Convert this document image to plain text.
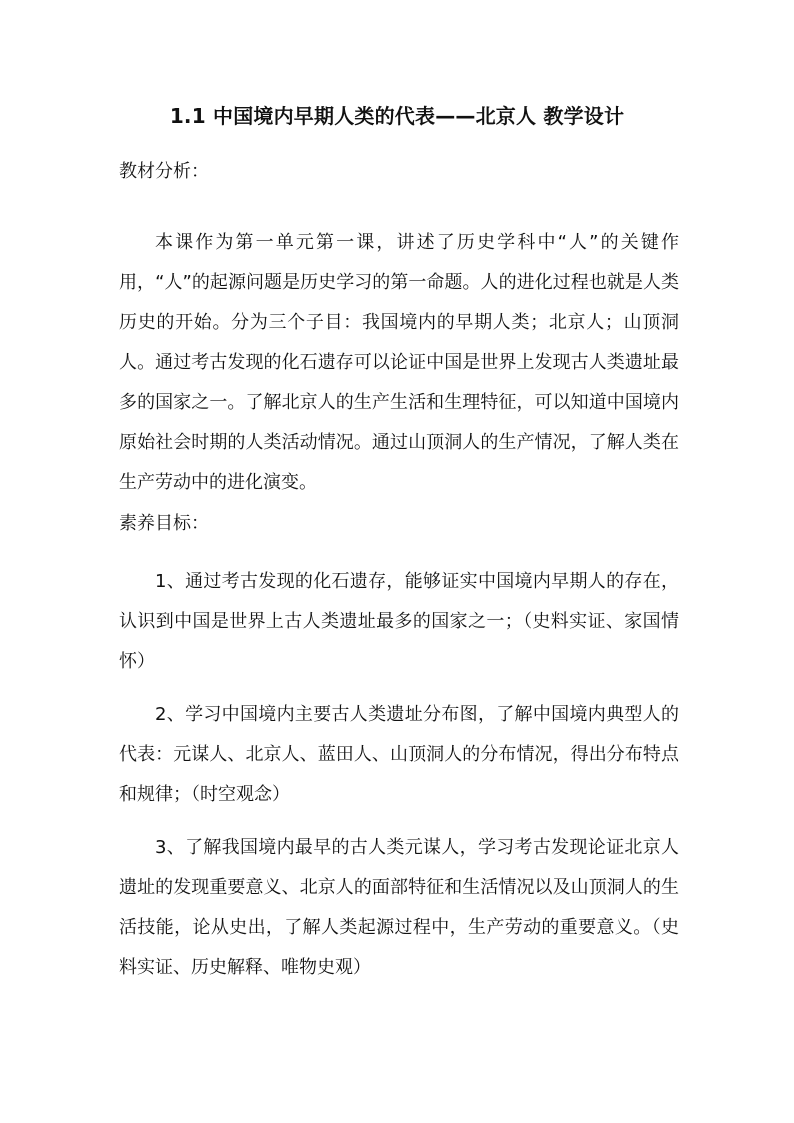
1.1 中国境内早期人类的代表——北京人 教学设计
教材分析：
本课作为第一单元第一课，讲述了历史学科中“人”的关键作用，“人”的起源问题是历史学习的第一命题。人的进化过程也就是人类历史的开始。分为三个子目：我国境内的早期人类；北京人；山顶洞人。通过考古发现的化石遗存可以论证中国是世界上发现古人类遗址最多的国家之一。了解北京人的生产生活和生理特征，可以知道中国境内原始社会时期的人类活动情况。通过山顶洞人的生产情况，了解人类在生产劳动中的进化演变。
素养目标：
1、通过考古发现的化石遗存，能够证实中国境内早期人的存在，认识到中国是世界上古人类遗址最多的国家之一；（史料实证、家国情怀）
2、学习中国境内主要古人类遗址分布图，了解中国境内典型人的代表：元谋人、北京人、蓝田人、山顶洞人的分布情况，得出分布特点和规律；（时空观念）
3、了解我国境内最早的古人类元谋人，学习考古发现论证北京人遗址的发现重要意义、北京人的面部特征和生活情况以及山顶洞人的生活技能，论从史出，了解人类起源过程中，生产劳动的重要意义。（史料实证、历史解释、唯物史观）
